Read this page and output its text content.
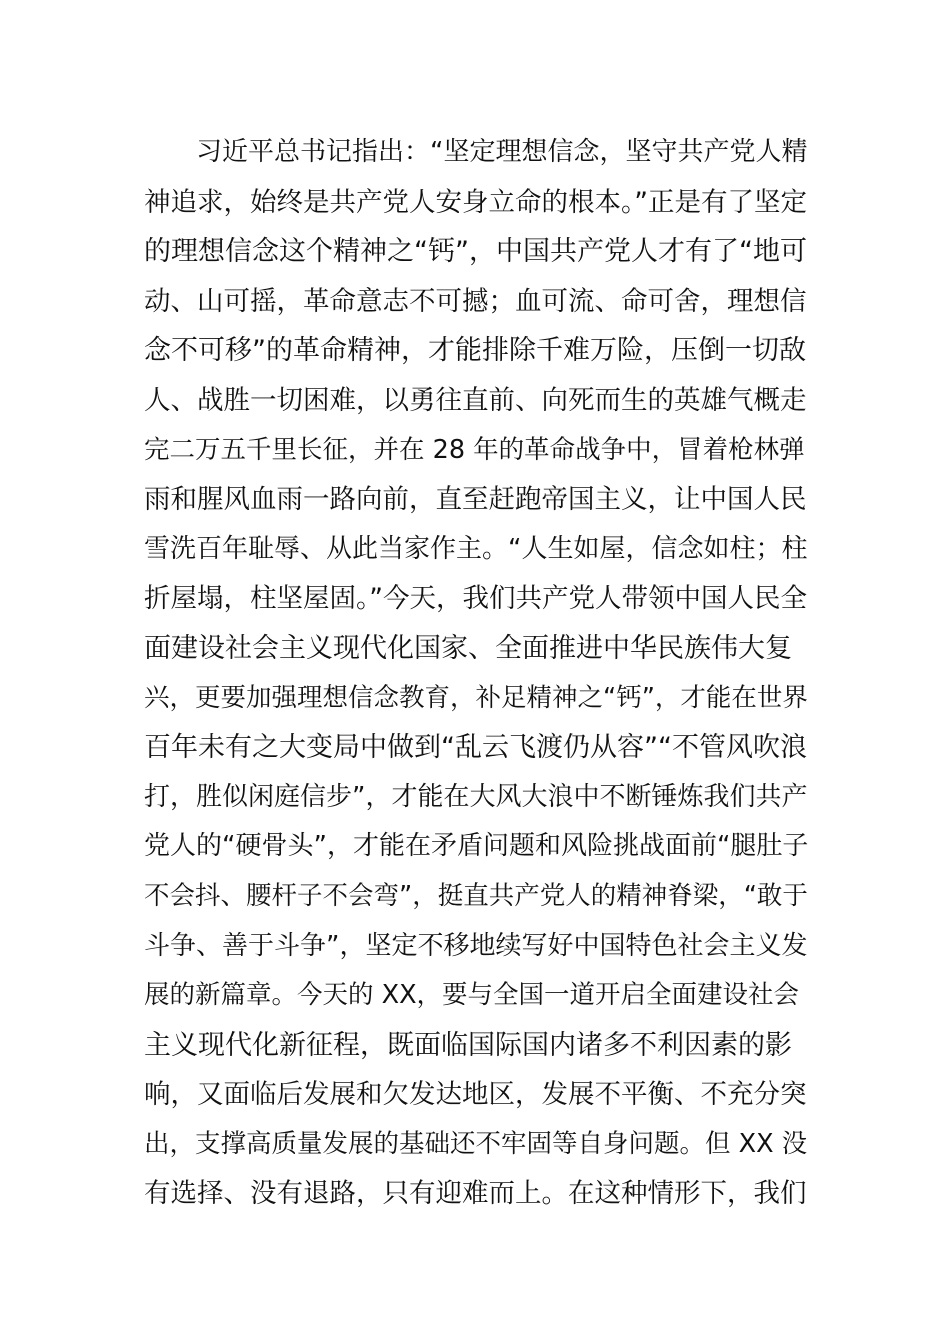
　　习近平总书记指出：“坚定理想信念，坚守共产党人精
神追求，始终是共产党人安身立命的根本。”正是有了坚定
的理想信念这个精神之“钙”，中国共产党人才有了“地可
动、山可摇，革命意志不可撼；血可流、命可舍，理想信
念不可移”的革命精神，才能排除千难万险，压倒一切敌
人、战胜一切困难，以勇往直前、向死而生的英雄气概走
完二万五千里长征，并在 28 年的革命战争中，冒着枪林弹
雨和腥风血雨一路向前，直至赶跑帝国主义，让中国人民
雪洗百年耻辱、从此当家作主。“人生如屋，信念如柱；柱
折屋塌，柱坚屋固。”今天，我们共产党人带领中国人民全
面建设社会主义现代化国家、全面推进中华民族伟大复
兴，更要加强理想信念教育，补足精神之“钙”，才能在世界
百年未有之大变局中做到“乱云飞渡仍从容”“不管风吹浪
打，胜似闲庭信步”，才能在大风大浪中不断锤炼我们共产
党人的“硬骨头”，才能在矛盾问题和风险挑战面前“腿肚子
不会抖、腰杆子不会弯”，挺直共产党人的精神脊梁，“敢于
斗争、善于斗争”，坚定不移地续写好中国特色社会主义发
展的新篇章。今天的 XX，要与全国一道开启全面建设社会
主义现代化新征程，既面临国际国内诸多不利因素的影
响，又面临后发展和欠发达地区，发展不平衡、不充分突
出，支撑高质量发展的基础还不牢固等自身问题。但 XX 没
有选择、没有退路，只有迎难而上。在这种情形下，我们
